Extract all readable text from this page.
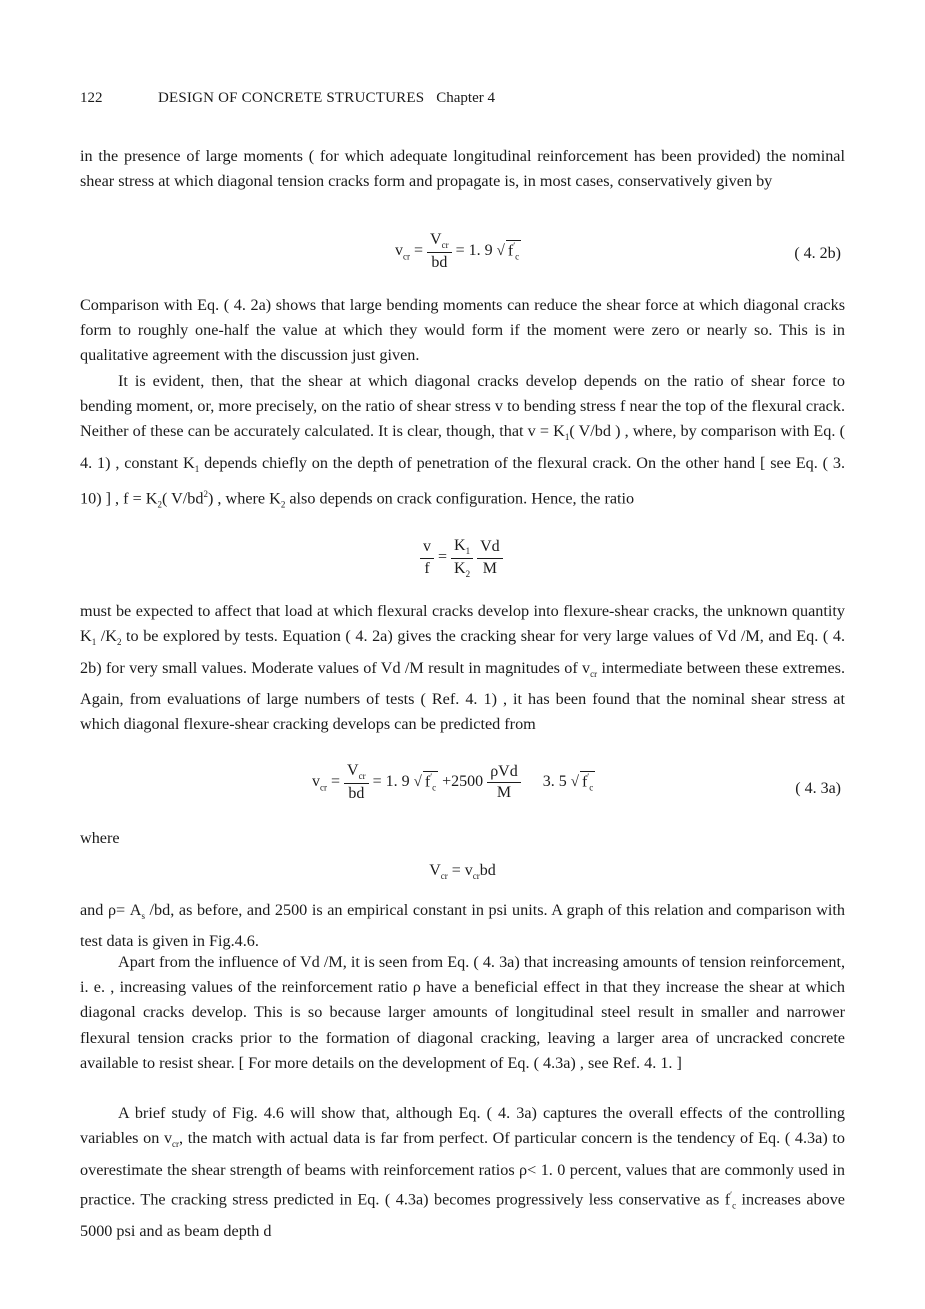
122	DESIGN OF CONCRETE STRUCTURES Chapter 4

in the presence of large moments ( for which adequate longitudinal reinforcement has been provided) the nominal shear stress at which diagonal tension cracks form and propagate is, in most cases, conservatively given by

$v_{cr} = \frac{V_{cr}}{bd} = 1$. 9 √ $f'_c$	( 4. 2b)

Comparison with Eq. ( 4. 2a) shows that large bending moments can reduce the shear force at which diagonal cracks form to roughly one-half the value at which they would form if the moment were zero or nearly so. This is in qualitative agreement with the discussion just given.

It is evident, then, that the shear at which diagonal cracks develop depends on the ratio of shear force to bending moment, or, more precisely, on the ratio of shear stress v to bending stress f near the top of the flexural crack. Neither of these can be accurately calculated. It is clear, though, that $v = K_1$( V/bd ) , where, by comparison with Eq. ( 4. 1) , constant $K_1$ depends chiefly on the depth of penetration of the flexural crack. On the other hand [ see Eq. ( 3. 10) ] , $f = K_2$( $V/bd^2$) , where $K_2$ also depends on crack configuration. Hence, the ratio

$\frac{v}{f} = \frac{K_1}{K_2}$
$\frac{Vd}{M}$

must be expected to affect that load at which flexural cracks develop into flexure-shear cracks, the unknown quantity $K_1$ $/K_2$ to be explored by tests. Equation ( 4. 2a) gives the cracking shear for very large values of Vd /M, and Eq. ( 4. 2b) for very small values. Moderate values of Vd /M result in magnitudes of $v_{cr}$ intermediate between these extremes. Again, from evaluations of large numbers of tests ( Ref. 4. 1) , it has been found that the nominal shear stress at which diagonal flexure-shear cracking develops can be predicted from

$v_{cr} = \frac{V_{cr}}{bd} = 1$. 9 √ $f'_c +2500 \frac{\text{ρVd}}{M} 3$. 5 √ $f'_c$	( 4. 3a)

where

$V_{cr} = v_{cr}bd$

and $\rho= A_s$ /bd, as before, and 2500 is an empirical constant in psi units. A graph of this relation and comparison with test data is given in Fig.4.6.

Apart from the influence of Vd /M, it is seen from Eq. ( 4. 3a) that increasing amounts of tension reinforcement, i. e. , increasing values of the reinforcement ratio ρ have a beneficial effect in that they increase the shear at which diagonal cracks develop. This is so because larger amounts of longitudinal steel result in smaller and narrower flexural tension cracks prior to the formation of diagonal cracking, leaving a larger area of uncracked concrete available to resist shear. [ For more details on the development of Eq. ( 4.3a) , see Ref. 4. 1. ]

A brief study of Fig. 4.6 will show that, although Eq. ( 4. 3a) captures the overall effects of the controlling variables on $v_{cr}$, the match with actual data is far from perfect. Of particular concern is the tendency of Eq. ( 4.3a) to overestimate the shear strength of beams with reinforcement ratios ρ< 1. 0 percent, values that are commonly used in practice. The cracking stress predicted in Eq. ( 4.3a) becomes progressively less conservative as $f'_c$ increases above 5000 psi and as beam depth d
